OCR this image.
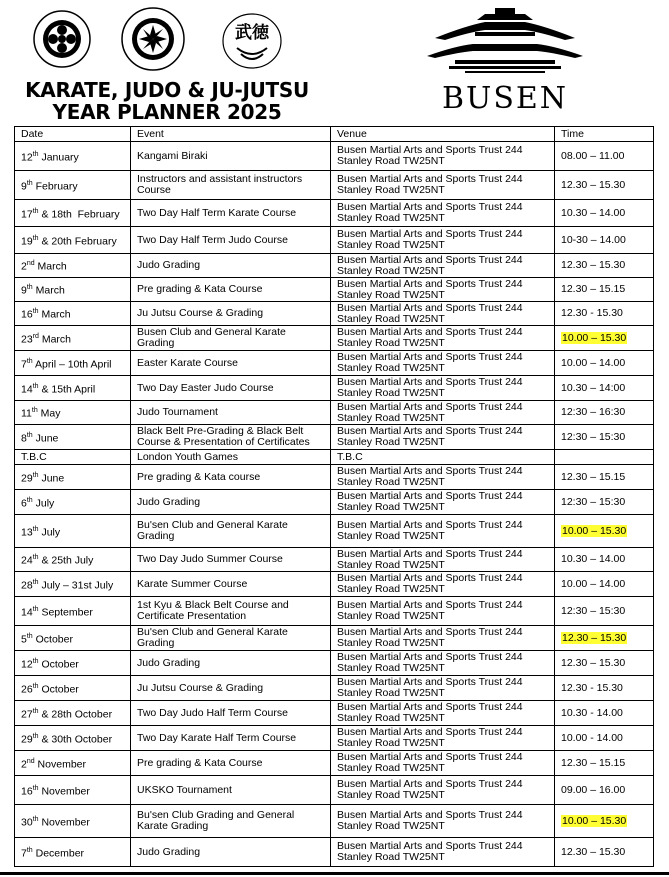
武徳
KARATE, JUDO & JU-JUTSU
YEAR PLANNER 2025	BUSEN
Date	Event	Venue	Time
12th January	Kangami Biraki	Busen Martial Arts and Sports Trust 244 Stanley Road TW25NT	08.00 – 11.00
9th February	Instructors and assistant instructors Course	Busen Martial Arts and Sports Trust 244 Stanley Road TW25NT	12.30 – 15.30
17th & 18th  February	Two Day Half Term Karate Course	Busen Martial Arts and Sports Trust 244 Stanley Road TW25NT	10.30 – 14.00
19th & 20th February	Two Day Half Term Judo Course	Busen Martial Arts and Sports Trust 244 Stanley Road TW25NT	10-30 – 14.00
2nd March	Judo Grading	Busen Martial Arts and Sports Trust 244 Stanley Road TW25NT	12.30 – 15.30
9th March	Pre grading & Kata Course	Busen Martial Arts and Sports Trust 244 Stanley Road TW25NT	12.30 – 15.15
16th March	Ju Jutsu Course & Grading	Busen Martial Arts and Sports Trust 244 Stanley Road TW25NT	12.30 - 15.30
23rd March	Busen Club and General Karate Grading	Busen Martial Arts and Sports Trust 244 Stanley Road TW25NT	10.00 – 15.30
7th April – 10th April	Easter Karate Course	Busen Martial Arts and Sports Trust 244 Stanley Road TW25NT	10.00 – 14.00
14th & 15th April	Two Day Easter Judo Course	Busen Martial Arts and Sports Trust 244 Stanley Road TW25NT	10.30 – 14:00
11th May	Judo Tournament	Busen Martial Arts and Sports Trust 244 Stanley Road TW25NT	12:30 – 16:30
8th June	Black Belt Pre-Grading & Black Belt Course & Presentation of Certificates	Busen Martial Arts and Sports Trust 244 Stanley Road TW25NT	12:30 – 15:30
T.B.C	London Youth Games	T.B.C	
29th June	Pre grading & Kata course	Busen Martial Arts and Sports Trust 244 Stanley Road TW25NT	12.30 – 15.15
6th July	Judo Grading	Busen Martial Arts and Sports Trust 244 Stanley Road TW25NT	12:30 – 15:30
13th July	Bu'sen Club and General Karate Grading	Busen Martial Arts and Sports Trust 244 Stanley Road TW25NT	10.00 – 15.30
24th & 25th July	Two Day Judo Summer Course	Busen Martial Arts and Sports Trust 244 Stanley Road TW25NT	10.30 – 14.00
28th July – 31st July	Karate Summer Course	Busen Martial Arts and Sports Trust 244 Stanley Road TW25NT	10.00 – 14.00
14th September	1st Kyu & Black Belt Course and Certificate Presentation	Busen Martial Arts and Sports Trust 244 Stanley Road TW25NT	12:30 – 15:30
5th October	Bu'sen Club and General Karate Grading	Busen Martial Arts and Sports Trust 244 Stanley Road TW25NT	12.30 – 15.30
12th October	Judo Grading	Busen Martial Arts and Sports Trust 244 Stanley Road TW25NT	12.30 – 15.30
26th October	Ju Jutsu Course & Grading	Busen Martial Arts and Sports Trust 244 Stanley Road TW25NT	12.30 - 15.30
27th & 28th October	Two Day Judo Half Term Course	Busen Martial Arts and Sports Trust 244 Stanley Road TW25NT	10.30 - 14.00
29th & 30th October	Two Day Karate Half Term Course	Busen Martial Arts and Sports Trust 244 Stanley Road TW25NT	10.00 - 14.00
2nd November	Pre grading & Kata Course	Busen Martial Arts and Sports Trust 244 Stanley Road TW25NT	12.30 – 15.15
16th November	UKSKO Tournament	Busen Martial Arts and Sports Trust 244 Stanley Road TW25NT	09.00 – 16.00
30th November	Bu'sen Club Grading and General Karate Grading	Busen Martial Arts and Sports Trust 244 Stanley Road TW25NT	10.00 – 15.30
7th December	Judo Grading	Busen Martial Arts and Sports Trust 244 Stanley Road TW25NT	12.30 – 15.30
